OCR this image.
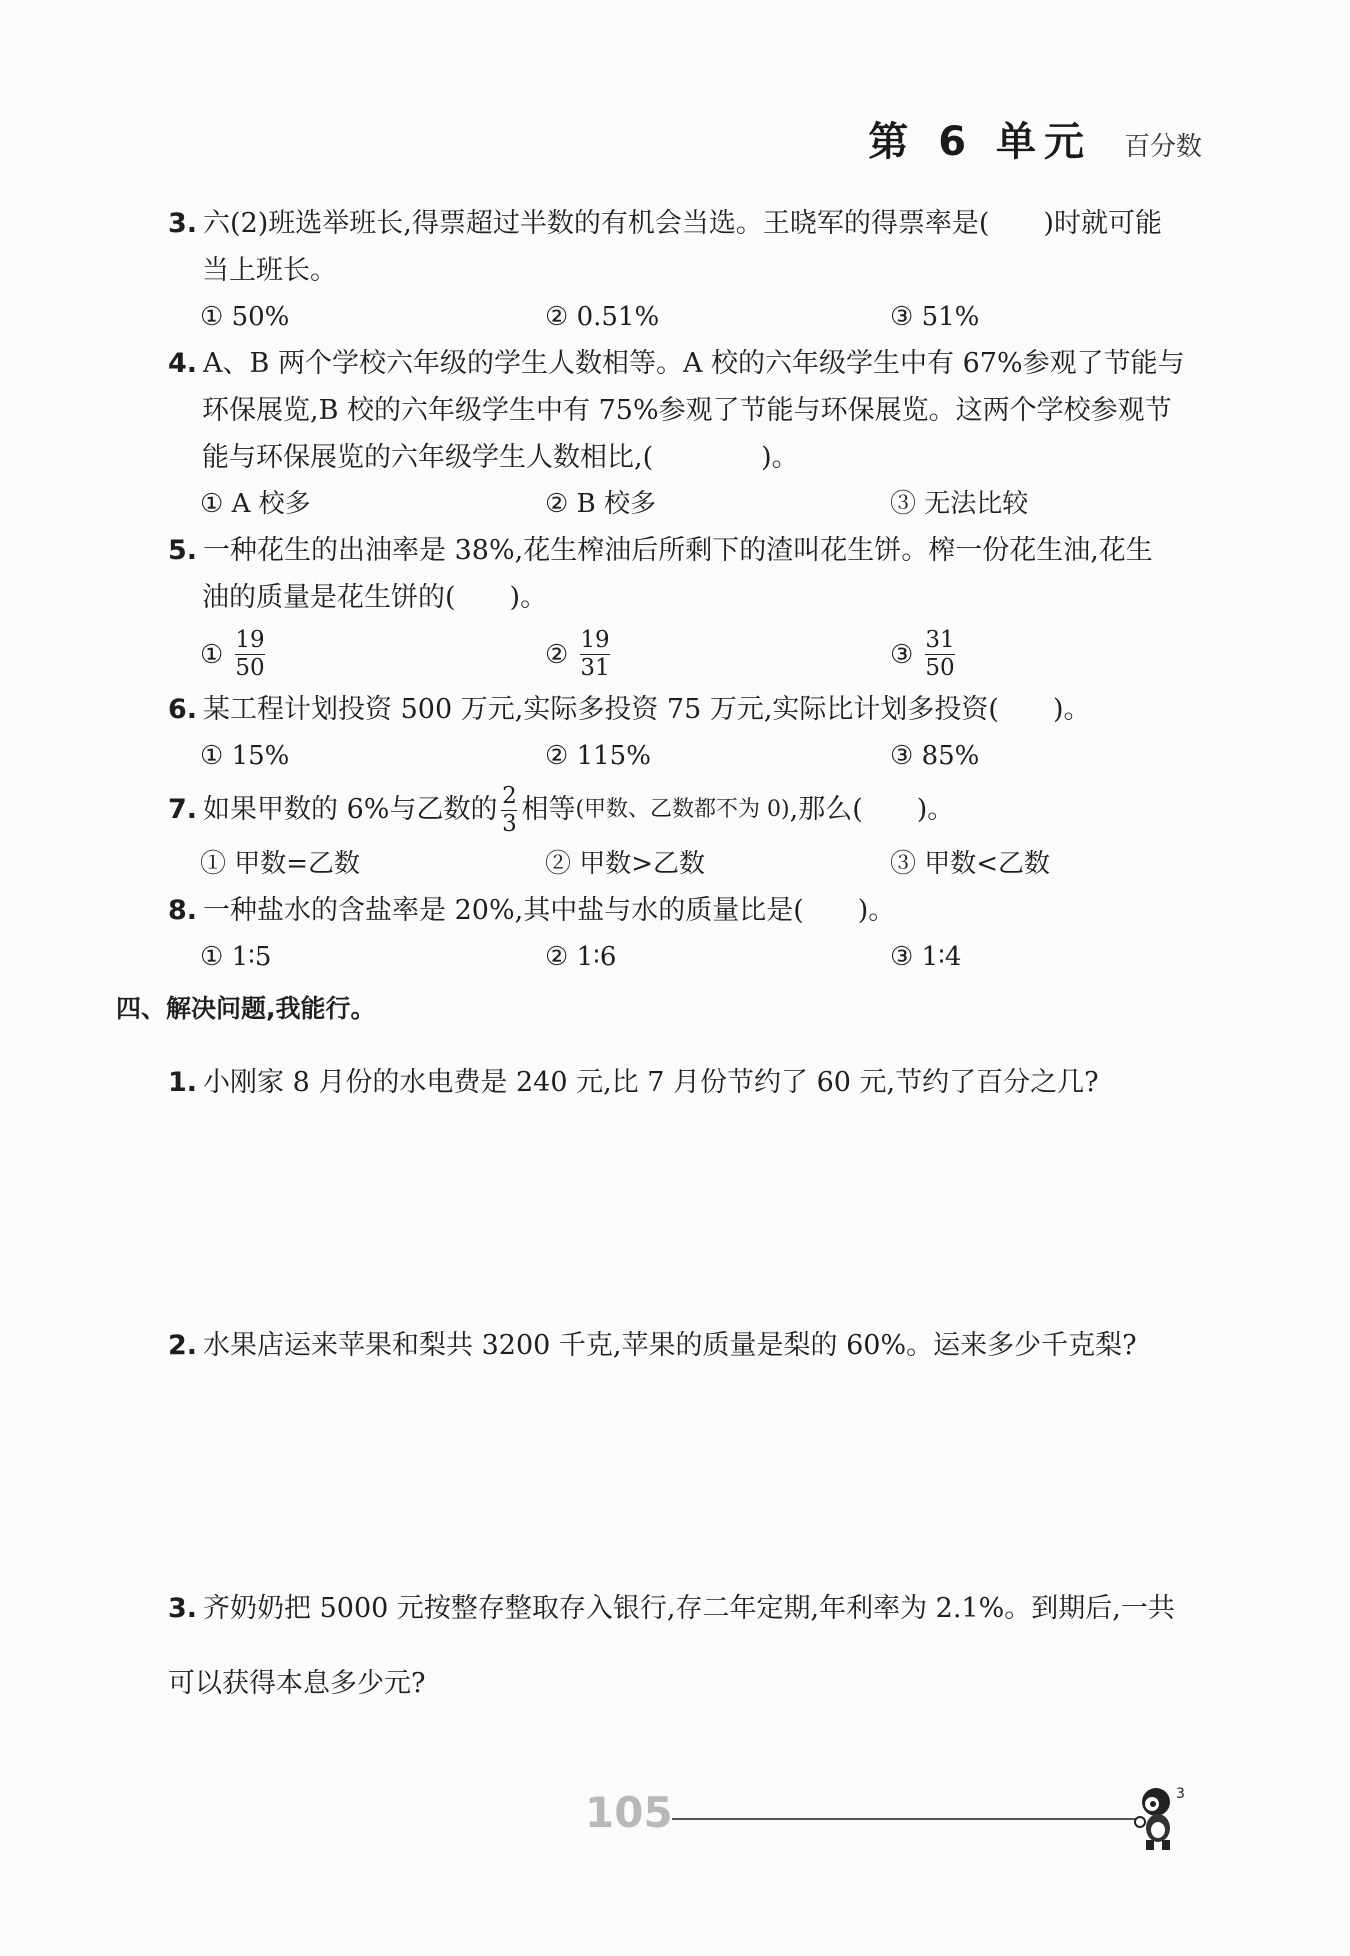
第 6 单元 百分数

3. 六(2)班选举班长,得票超过半数的有机会当选。王晓军的得票率是(　　)时就可能

当上班长。

① 50%	② 0.51%	③ 51%

4. A、B 两个学校六年级的学生人数相等。A 校的六年级学生中有 67%参观了节能与

环保展览,B 校的六年级学生中有 75%参观了节能与环保展览。这两个学校参观节

能与环保展览的六年级学生人数相比,(　　　　)。

① A 校多	② B 校多	③ 无法比较

5. 一种花生的出油率是 38%,花生榨油后所剩下的渣叫花生饼。榨一份花生油,花生

油的质量是花生饼的(　　)。

① $\frac{19}{50}$	② $\frac{19}{31}$	③ $\frac{31}{50}$

6. 某工程计划投资 500 万元,实际多投资 75 万元,实际比计划多投资(　　)。

① 15%	② 115%	③ 85%

7. 如果甲数的 6%与乙数的 $\frac{2}{3}$ 相等 (甲数、乙数都不为 0) ,那么(　　)。

① 甲数=乙数	② 甲数>乙数	③ 甲数<乙数

8. 一种盐水的含盐率是 20%,其中盐与水的质量比是(　　)。

① 1∶5	② 1∶6	③ 1∶4
四、解决问题,我能行。

1. 小刚家 8 月份的水电费是 240 元,比 7 月份节约了 60 元,节约了百分之几?

2. 水果店运来苹果和梨共 3200 千克,苹果的质量是梨的 60%。运来多少千克梨?

3. 齐奶奶把 5000 元按整存整取存入银行,存二年定期,年利率为 2.1%。到期后,一共

可以获得本息多少元?

105	3
